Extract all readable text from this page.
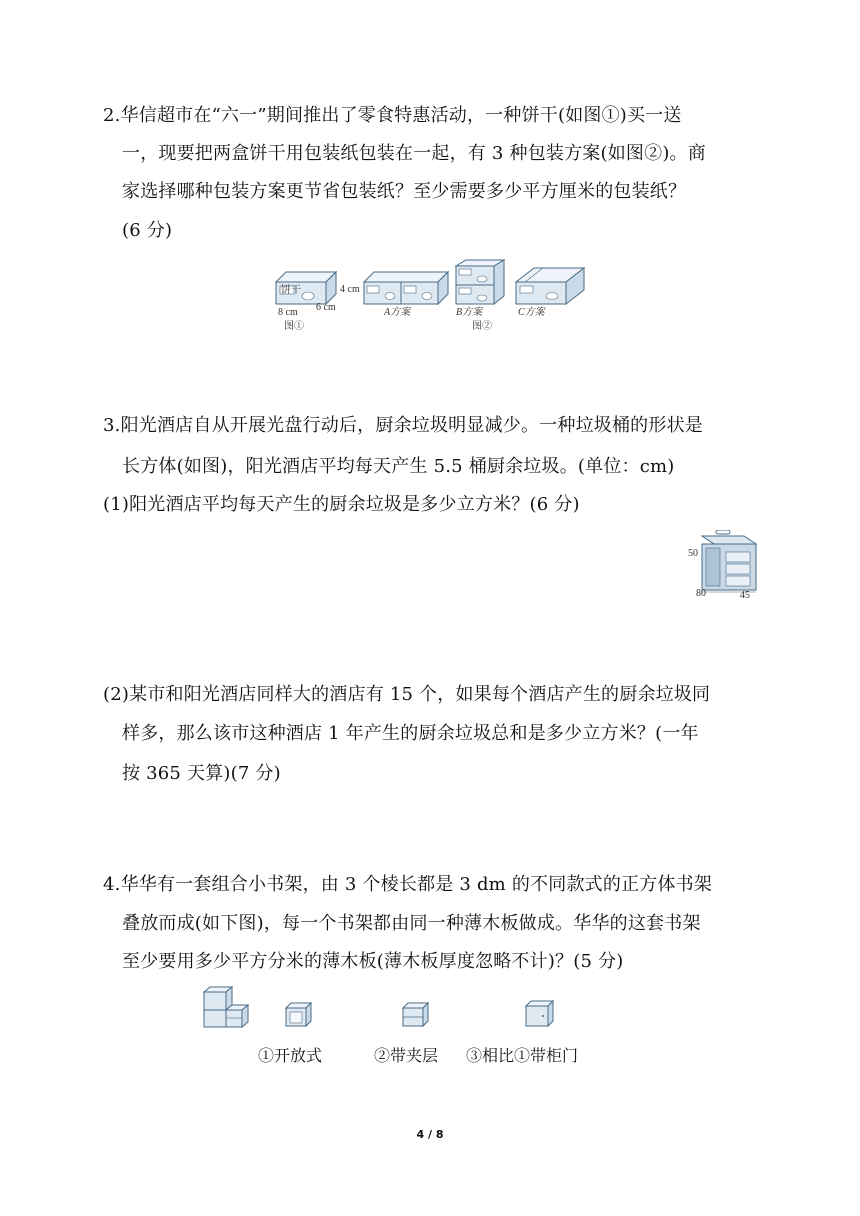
2.华信超市在“六一”期间推出了零食特惠活动，一种饼干(如图①)买一送
一，现要把两盒饼干用包装纸包装在一起，有 3 种包装方案(如图②)。商
家选择哪种包装方案更节省包装纸？至少需要多少平方厘米的包装纸？
(6 分)
饼干	4 cm
8 cm 6 cm
图①
A方案	B方案
图②
C方案
3.阳光酒店自从开展光盘行动后，厨余垃圾明显减少。一种垃圾桶的形状是
长方体(如图)，阳光酒店平均每天产生 5.5 桶厨余垃圾。(单位：cm)
(1)阳光酒店平均每天产生的厨余垃圾是多少立方米？(6 分)
50
80	45
(2)某市和阳光酒店同样大的酒店有 15 个，如果每个酒店产生的厨余垃圾同
样多，那么该市这种酒店 1 年产生的厨余垃圾总和是多少立方米？(一年
按 365 天算)(7 分)
4.华华有一套组合小书架，由 3 个棱长都是 3 dm 的不同款式的正方体书架
叠放而成(如下图)，每一个书架都由同一种薄木板做成。华华的这套书架
至少要用多少平方分米的薄木板(薄木板厚度忽略不计)？(5 分)
①开放式	②带夹层 ③相比①带柜门
4 / 8
